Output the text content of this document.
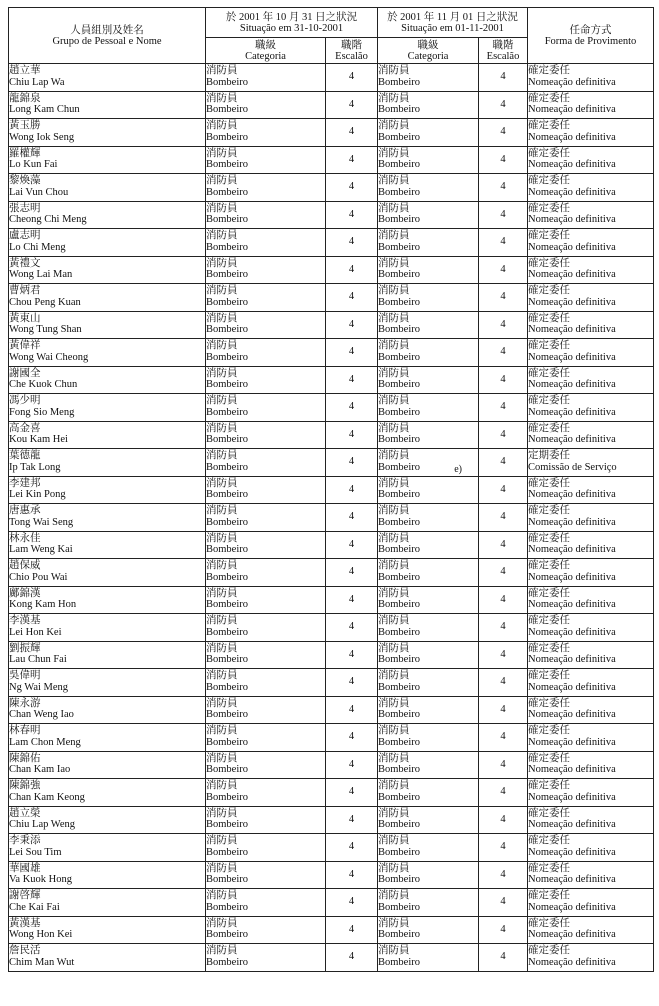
人員組別及姓名
Grupo de Pessoal e Nome	於 2001 年 10 月 31 日之狀況
Situação em 31-10-2001		於 2001 年 11 月 01 日之狀況
Situação em 01-11-2001		任命方式
Forma de Provimento

	職級
Categoria	職階
Escalão	職級
Categoria	職階
Escalão	

趙立華
Chiu Lap Wa	消防員
Bombeiro	4	消防員
Bombeiro	4	確定委任
Nomeação definitiva

龍錦泉
Long Kam Chun	消防員
Bombeiro	4	消防員
Bombeiro	4	確定委任
Nomeação definitiva

黃玉勝
Wong Iok Seng	消防員
Bombeiro	4	消防員
Bombeiro	4	確定委任
Nomeação definitiva

羅權輝
Lo Kun Fai	消防員
Bombeiro	4	消防員
Bombeiro	4	確定委任
Nomeação definitiva

黎煥藻
Lai Vun Chou	消防員
Bombeiro	4	消防員
Bombeiro	4	確定委任
Nomeação definitiva

張志明
Cheong Chi Meng	消防員
Bombeiro	4	消防員
Bombeiro	4	確定委任
Nomeação definitiva

盧志明
Lo Chi Meng	消防員
Bombeiro	4	消防員
Bombeiro	4	確定委任
Nomeação definitiva

黃禮文
Wong Lai Man	消防員
Bombeiro	4	消防員
Bombeiro	4	確定委任
Nomeação definitiva

曹炳君
Chou Peng Kuan	消防員
Bombeiro	4	消防員
Bombeiro	4	確定委任
Nomeação definitiva

黃東山
Wong Tung Shan	消防員
Bombeiro	4	消防員
Bombeiro	4	確定委任
Nomeação definitiva

黃偉祥
Wong Wai Cheong	消防員
Bombeiro	4	消防員
Bombeiro	4	確定委任
Nomeação definitiva

謝國全
Che Kuok Chun	消防員
Bombeiro	4	消防員
Bombeiro	4	確定委任
Nomeação definitiva

馮少明
Fong Sio Meng	消防員
Bombeiro	4	消防員
Bombeiro	4	確定委任
Nomeação definitiva

高金喜
Kou Kam Hei	消防員
Bombeiro	4	消防員
Bombeiro	4	確定委任
Nomeação definitiva

葉德龍
Ip Tak Long	消防員
Bombeiro	4	消防員
Bombeiro e)	4	定期委任
Comissão de Serviço

李建邦
Lei Kin Pong	消防員
Bombeiro	4	消防員
Bombeiro	4	確定委任
Nomeação definitiva

唐惠承
Tong Wai Seng	消防員
Bombeiro	4	消防員
Bombeiro	4	確定委任
Nomeação definitiva

林永佳
Lam Weng Kai	消防員
Bombeiro	4	消防員
Bombeiro	4	確定委任
Nomeação definitiva

趙保威
Chio Pou Wai	消防員
Bombeiro	4	消防員
Bombeiro	4	確定委任
Nomeação definitiva

鄺錦漢
Kong Kam Hon	消防員
Bombeiro	4	消防員
Bombeiro	4	確定委任
Nomeação definitiva

李漢基
Lei Hon Kei	消防員
Bombeiro	4	消防員
Bombeiro	4	確定委任
Nomeação definitiva

劉振輝
Lau Chun Fai	消防員
Bombeiro	4	消防員
Bombeiro	4	確定委任
Nomeação definitiva

吳偉明
Ng Wai Meng	消防員
Bombeiro	4	消防員
Bombeiro	4	確定委任
Nomeação definitiva

陳永游
Chan Weng Iao	消防員
Bombeiro	4	消防員
Bombeiro	4	確定委任
Nomeação definitiva

林春明
Lam Chon Meng	消防員
Bombeiro	4	消防員
Bombeiro	4	確定委任
Nomeação definitiva

陳錦佑
Chan Kam Iao	消防員
Bombeiro	4	消防員
Bombeiro	4	確定委任
Nomeação definitiva

陳錦強
Chan Kam Keong	消防員
Bombeiro	4	消防員
Bombeiro	4	確定委任
Nomeação definitiva

趙立榮
Chiu Lap Weng	消防員
Bombeiro	4	消防員
Bombeiro	4	確定委任
Nomeação definitiva

李秉添
Lei Sou Tim	消防員
Bombeiro	4	消防員
Bombeiro	4	確定委任
Nomeação definitiva

華國雄
Va Kuok Hong	消防員
Bombeiro	4	消防員
Bombeiro	4	確定委任
Nomeação definitiva

謝啓輝
Che Kai Fai	消防員
Bombeiro	4	消防員
Bombeiro	4	確定委任
Nomeação definitiva

黃漢基
Wong Hon Kei	消防員
Bombeiro	4	消防員
Bombeiro	4	確定委任
Nomeação definitiva

詹民活
Chim Man Wut	消防員
Bombeiro	4	消防員
Bombeiro	4	確定委任
Nomeação definitiva
